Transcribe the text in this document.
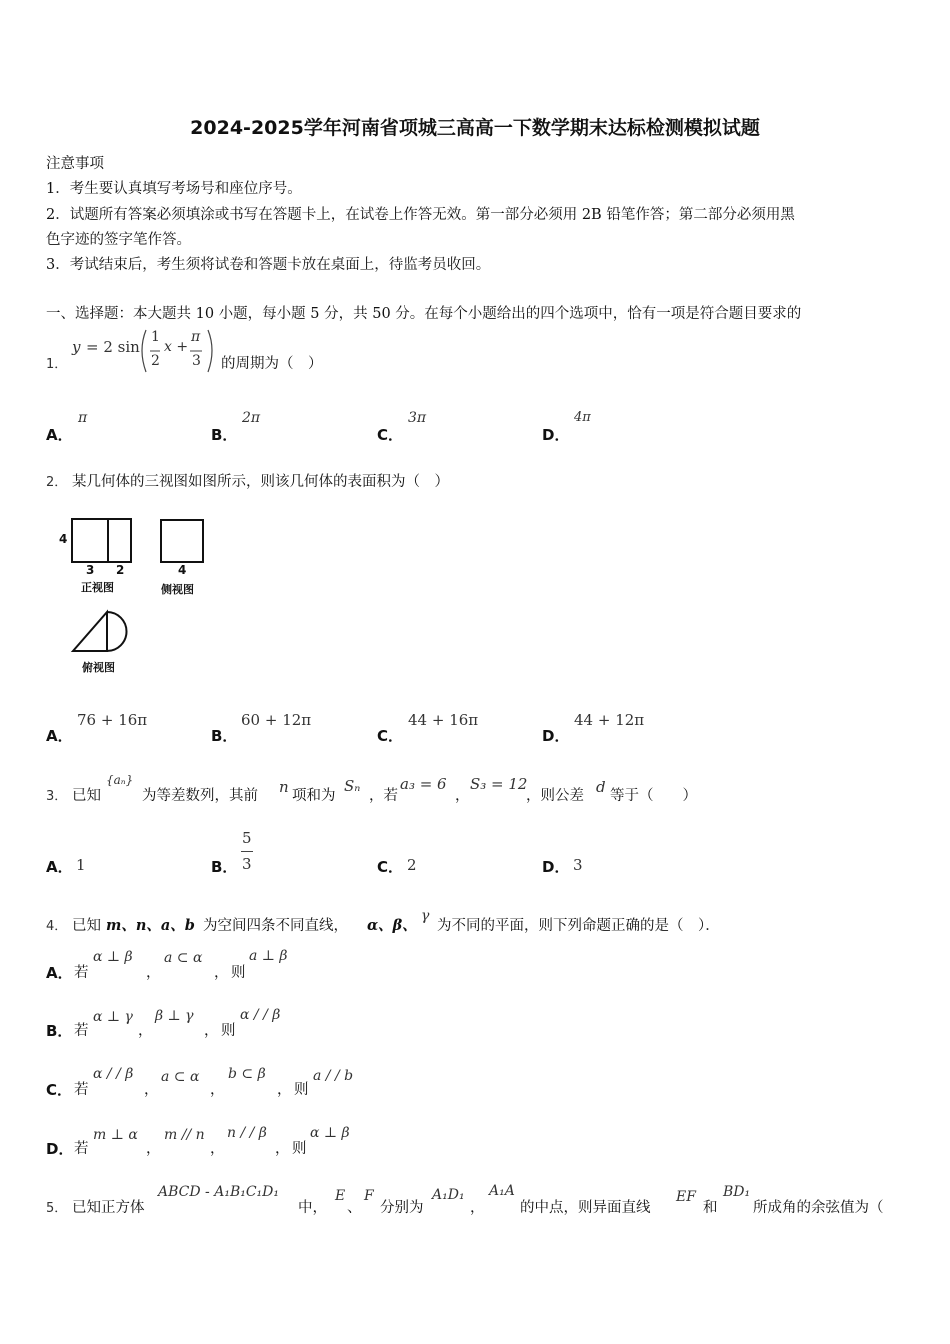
2024-2025学年河南省项城三高高一下数学期末达标检测模拟试题
注意事项
1．考生要认真填写考场号和座位序号。
2．试题所有答案必须填涂或书写在答题卡上，在试卷上作答无效。第一部分必须用 2B 铅笔作答；第二部分必须用黑
色字迹的签字笔作答。
3．考试结束后，考生须将试卷和答题卡放在桌面上，待监考员收回。
一、选择题：本大题共 10 小题，每小题 5 分，共 50 分。在每个小题给出的四个选项中，恰有一项是符合题目要求的
1．
y = 2 sin
1
2
x +
π
3 的周期为（　）
A．
π
B．
2π
C．
3π
D．
4π
2． 某几何体的三视图如图所示，则该几何体的表面积为（　）
4
3 2
正视图
4
侧视图
俯视图
A．
76 + 16π
B．
60 + 12π
C．
44 + 16π
D．
44 + 12π
3． 已知
{aₙ}
为等差数列，其前 n 项和为
Sₙ
，若
a₃ = 6
，
S₃ = 12
，则公差 d 等于（　　）
A． 1	B．
5
3	C． 2	D． 3
4． 已知 m、n、a、b 为空间四条不同直线， α、β、
γ
为不同的平面，则下列命题正确的是（　）．
A． 若
α ⊥ β
，
a ⊂ α
， 则
a ⊥ β
B． 若
α ⊥ γ
，
β ⊥ γ
， 则
α / / β
C． 若
α / / β
，
a ⊂ α
，
b ⊂ β
， 则
a / / b
D． 若
m ⊥ α
，
m // n
，
n / / β
， 则
α ⊥ β
5． 已知正方体
ABCD - A₁B₁C₁D₁
中，
E
、
F
分别为
A₁D₁
，
A₁A
的中点，则异面直线
EF
和
BD₁
所成角的余弦值为（
